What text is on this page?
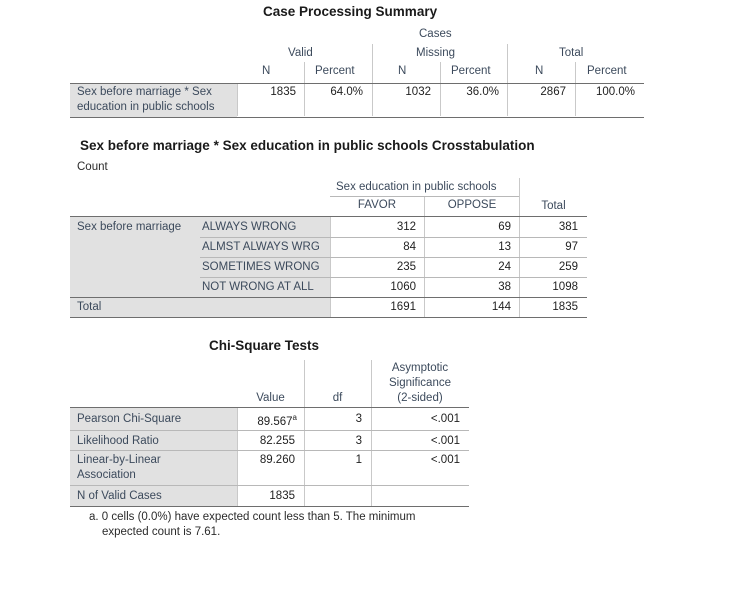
Case Processing Summary
Cases
Valid	Missing	Total
N	Percent	N	Percent	N	Percent
Sex before marriage * Sex
education in public schools
1835	64.0%	1032	36.0%	2867	100.0%
Sex before marriage * Sex education in public schools Crosstabulation
Count
Sex education in public schools
FAVOR	OPPOSE	Total
Sex before marriage ALWAYS WRONG	312	69	381
ALMST ALWAYS WRG	84	13	97
SOMETIMES WRONG	235	24	259
NOT WRONG AT ALL	1060	38	1098
Total	1691	144	1835
Chi-Square Tests
Asymptotic
Significance
(2-sided)
Value	df
Pearson Chi-Square	89.567$^a$	3	<.001
Likelihood Ratio	82.255	3	<.001
Linear-by-Linear
Association
89.260	1	<.001
N of Valid Cases	1835
a. 0 cells (0.0%) have expected count less than 5. The minimum
expected count is 7.61.
